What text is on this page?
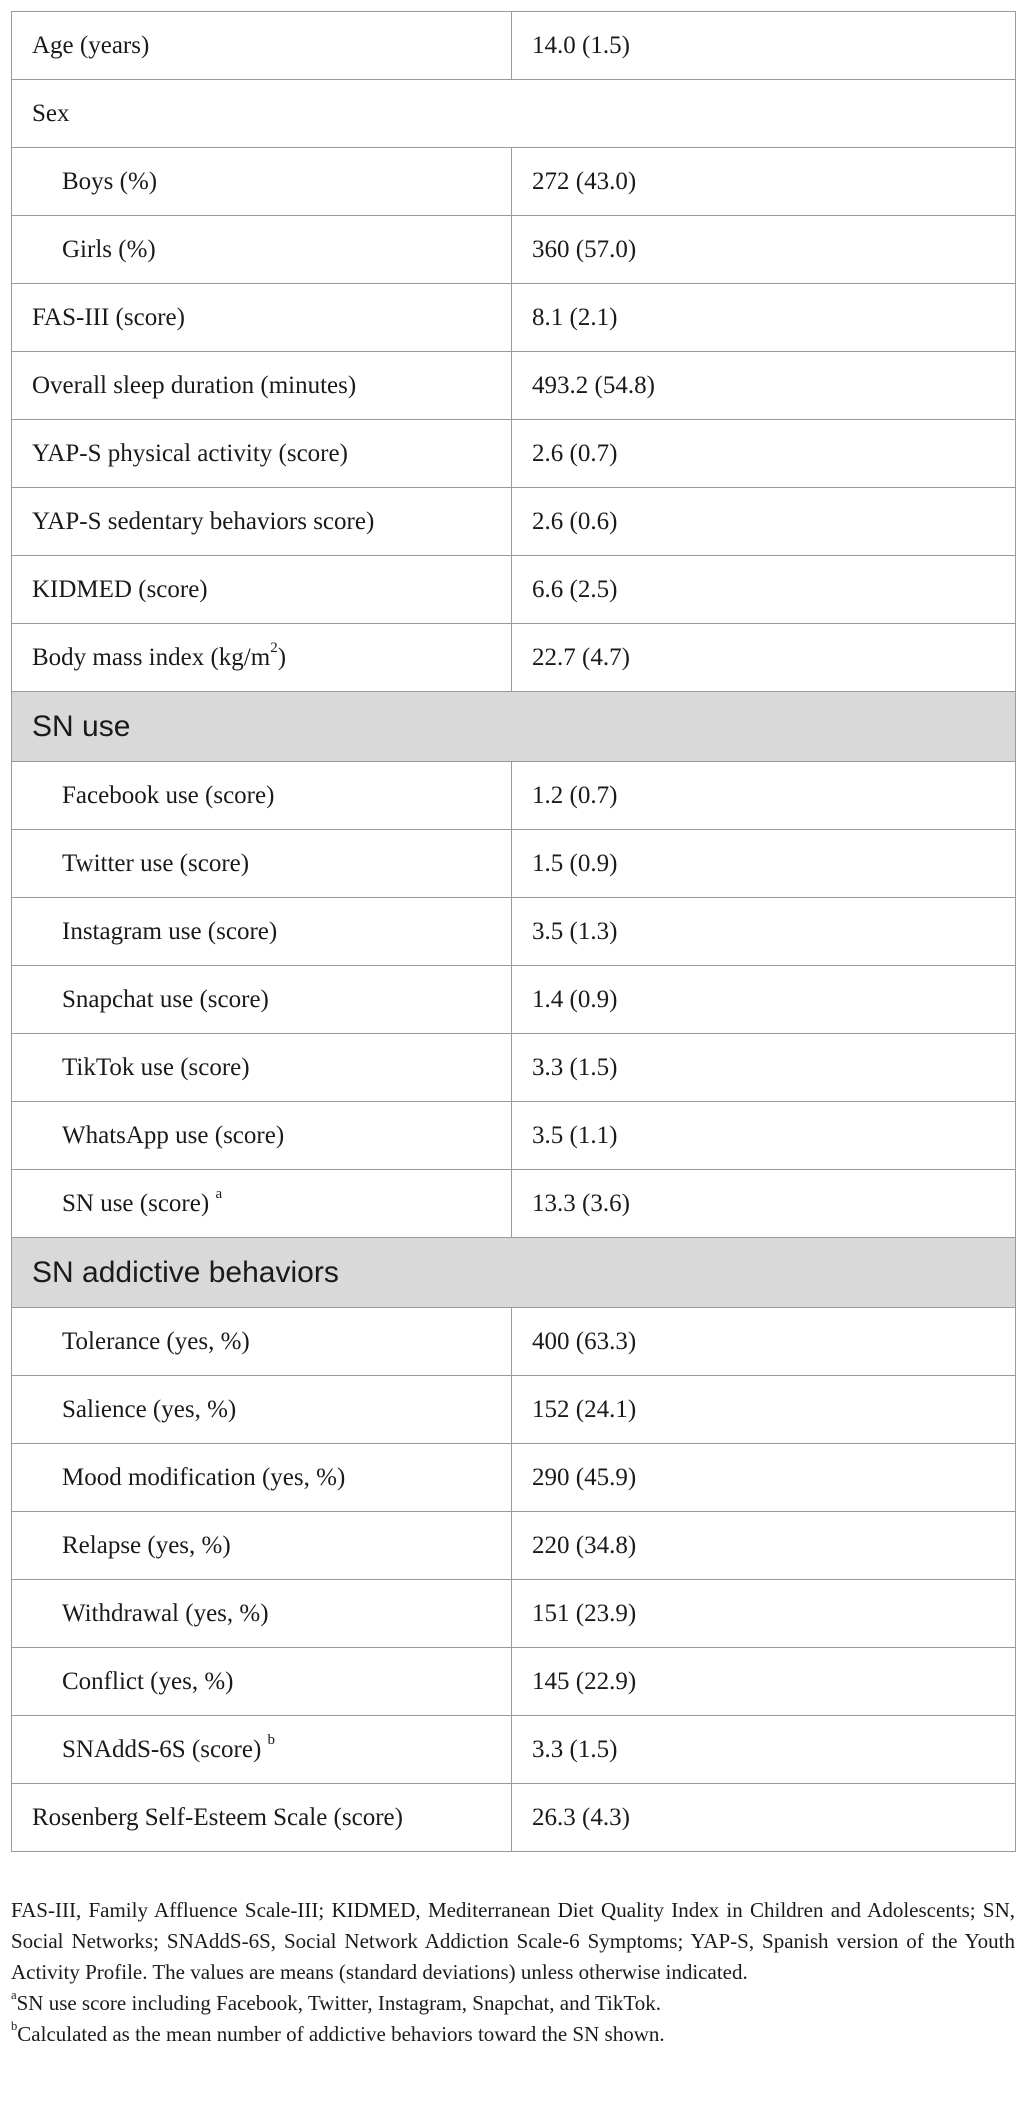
Age (years)	14.0 (1.5)
Sex	
Boys (%)	272 (43.0)
Girls (%)	360 (57.0)
FAS-III (score)	8.1 (2.1)
Overall sleep duration (minutes)	493.2 (54.8)
YAP-S physical activity (score)	2.6 (0.7)
YAP-S sedentary behaviors score)	2.6 (0.6)
KIDMED (score)	6.6 (2.5)
Body mass index $(kg/m^2)$	22.7 (4.7)
SN use	
Facebook use (score)	1.2 (0.7)
Twitter use (score)	1.5 (0.9)
Instagram use (score)	3.5 (1.3)
Snapchat use (score)	1.4 (0.9)
TikTok use (score)	3.3 (1.5)
WhatsApp use (score)	3.5 (1.1)
SN use (score) $^a$	13.3 (3.6)
SN addictive behaviors	
Tolerance (yes, %)	400 (63.3)
Salience (yes, %)	152 (24.1)
Mood modification (yes, %)	290 (45.9)
Relapse (yes, %)	220 (34.8)
Withdrawal (yes, %)	151 (23.9)
Conflict (yes, %)	145 (22.9)
SNAddS-6S (score) $^b$	3.3 (1.5)
Rosenberg Self-Esteem Scale (score)	26.3 (4.3)

FAS-III, Family Affluence Scale-III; KIDMED, Mediterranean Diet Quality Index in Children and Adolescents; SN, Social Networks; SNAddS-6S, Social Network Addiction Scale-6 Symptoms; YAP-S, Spanish version of the Youth Activity Profile. The values are means (standard deviations) unless otherwise indicated.

$^a$SN use score including Facebook, Twitter, Instagram, Snapchat, and TikTok.

$^b$Calculated as the mean number of addictive behaviors toward the SN shown.
